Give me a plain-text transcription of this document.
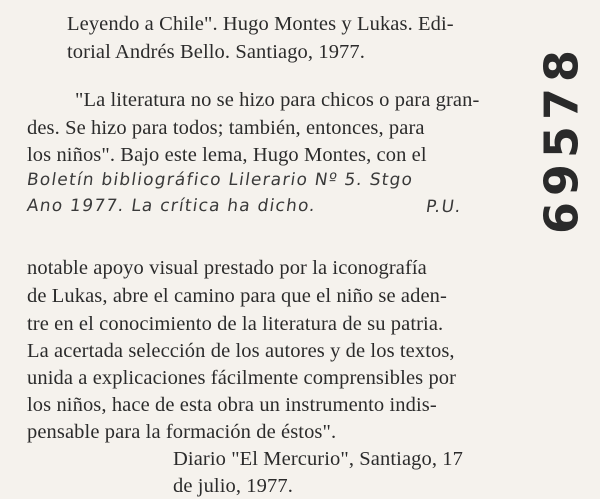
Leyendo a Chile". Hugo Montes y Lukas. Edi-
torial Andrés Bello. Santiago, 1977.
"La literatura no se hizo para chicos o para gran-
des. Se hizo para todos; también, entonces, para
los niños". Bajo este lema, Hugo Montes, con el
Boletín bibliográfico Lilerario Nº 5. Stgo
Ano 1977. La crítica ha dicho.	P.U.	69578
notable apoyo visual prestado por la iconografía
de Lukas, abre el camino para que el niño se aden-
tre en el conocimiento de la literatura de su patria.
La acertada selección de los autores y de los textos,
unida a explicaciones fácilmente comprensibles por
los niños, hace de esta obra un instrumento indis-
pensable para la formación de éstos".
Diario "El Mercurio", Santiago, 17
de julio, 1977.
